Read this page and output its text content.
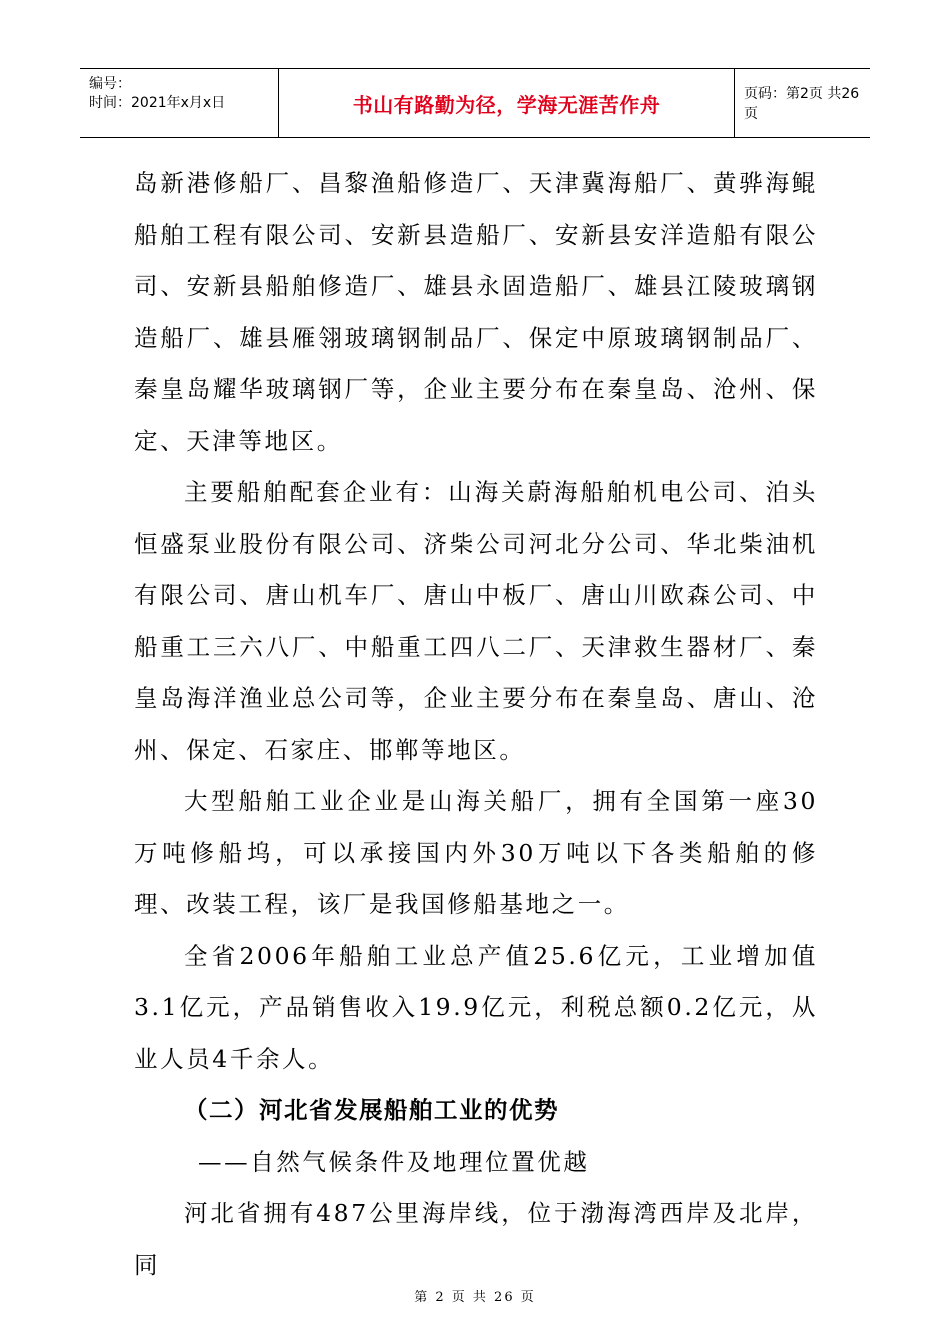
编号：
时间：2021年x月x日	书山有路勤为径，学海无涯苦作舟	页码：第2页 共26页

岛新港修船厂、昌黎渔船修造厂、天津冀海船厂、黄骅海鲲船舶工程有限公司、安新县造船厂、安新县安洋造船有限公司、安新县船舶修造厂、雄县永固造船厂、雄县江陵玻璃钢造船厂、雄县雁翎玻璃钢制品厂、保定中原玻璃钢制品厂、秦皇岛耀华玻璃钢厂等，企业主要分布在秦皇岛、沧州、保定、天津等地区。

主要船舶配套企业有：山海关蔚海船舶机电公司、泊头恒盛泵业股份有限公司、济柴公司河北分公司、华北柴油机有限公司、唐山机车厂、唐山中板厂、唐山川欧森公司、中船重工三六八厂、中船重工四八二厂、天津救生器材厂、秦皇岛海洋渔业总公司等，企业主要分布在秦皇岛、唐山、沧州、保定、石家庄、邯郸等地区。

大型船舶工业企业是山海关船厂，拥有全国第一座30万吨修船坞，可以承接国内外30万吨以下各类船舶的修理、改装工程，该厂是我国修船基地之一。

全省2006年船舶工业总产值25.6亿元，工业增加值3.1亿元，产品销售收入19.9亿元，利税总额0.2亿元，从业人员4千余人。

（二）河北省发展船舶工业的优势

——自然气候条件及地理位置优越

河北省拥有487公里海岸线，位于渤海湾西岸及北岸，同

第 2 页 共 26 页
